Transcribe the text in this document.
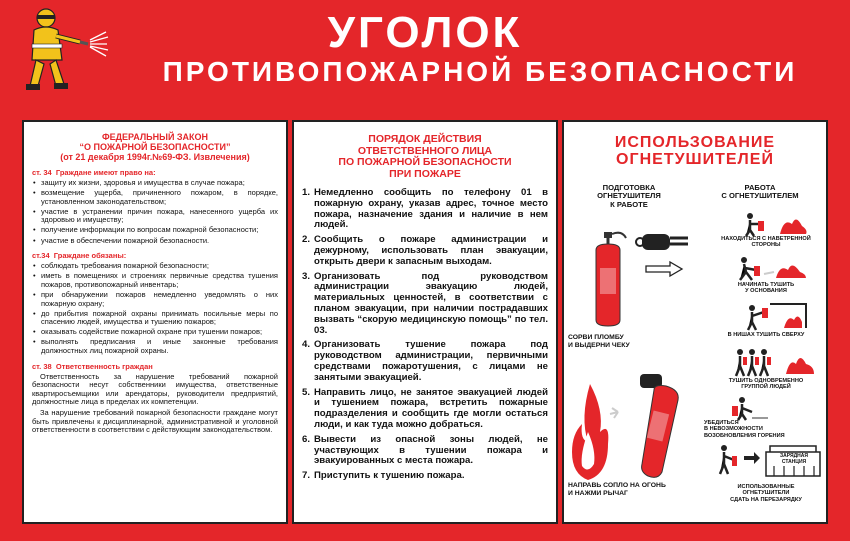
УГОЛОК
ПРОТИВОПОЖАРНОЙ БЕЗОПАСНОСТИ
ФЕДЕРАЛЬНЫЙ ЗАКОН
“О ПОЖАРНОЙ БЕЗОПАСНОСТИ”
(от 21 декабря 1994г.№69-ФЗ. Извлечения)
ст. 34 Граждане имеют право на:
• защиту их жизни, здоровья и имущества в случае пожара;
• возмещение ущерба, причиненного пожаром, в порядке, установленном законодательством;
• участие в устранении причин пожара, нанесенного ущерба их здоровью и имуществу;
• получение информации по вопросам пожарной безопасности;
• участие в обеспечении пожарной безопасности.
ст.34 Граждане обязаны:
• соблюдать требования пожарной безопасности;
• иметь в помещениях и строениях первичные средства тушения пожаров, противопожарный инвентарь;
• при обнаружении пожаров немедленно уведомлять о них пожарную охрану;
• до прибытия пожарной охраны принимать посильные меры по спасению людей, имущества и тушению пожаров;
• оказывать содействие пожарной охране при тушении пожаров;
• выполнять предписания и иные законные требования должностных лиц пожарной охраны.
ст. 38 Ответственность граждан
Ответственность за нарушение требований пожарной безопасности несут собственники имущества, ответственные квартиросъемщики или арендаторы, руководители предприятий, должностные лица в пределах их компетенции.
За нарушение требований пожарной безопасности граждане могут быть привлечены к дисциплинарной, административной и уголовной ответственности в соответствии с действующим законодательством.
ПОРЯДОК ДЕЙСТВИЯ
ОТВЕТСТВЕННОГО ЛИЦА
ПО ПОЖАРНОЙ БЕЗОПАСНОСТИ
ПРИ ПОЖАРЕ
1. Немедленно сообщить по телефону 01 в пожарную охрану, указав адрес, точное место пожара, назначение здания и наличие в нем людей.
2. Сообщить о пожаре администрации и дежурному, использовать план эвакуации, открыть двери к запасным выходам.
3. Организовать под руководством администрации эвакуацию людей, материальных ценностей, в соответствии с планом эвакуации, при наличии пострадавших вызвать “скорую медицинскую помощь” по тел. 03.
4. Организовать тушение пожара под руководством администрации, первичными средствами пожаротушения, с лицами не занятыми эвакуацией.
5. Направить лицо, не занятое эвакуацией людей и тушением пожара, встретить пожарные подразделения и сообщить где могли остаться люди, и как туда можно добраться.
6. Вывести из опасной зоны людей, не участвующих в тушении пожара и эвакуированных с места пожара.
7. Приступить к тушению пожара.
ИСПОЛЬЗОВАНИЕ
ОГНЕТУШИТЕЛЕЙ
ПОДГОТОВКА
ОГНЕТУШИТЕЛЯ
К РАБОТЕ
РАБОТА
С ОГНЕТУШИТЕЛЕМ
СОРВИ ПЛОМБУ
И ВЫДЕРНИ ЧЕКУ
НАПРАВЬ СОПЛО НА ОГОНЬ
И НАЖМИ РЫЧАГ
НАХОДИТЬСЯ С НАВЕТРЕННОЙ
СТОРОНЫ
НАЧИНАТЬ ТУШИТЬ
У ОСНОВАНИЯ
В НИШАХ ТУШИТЬ СВЕРХУ
ТУШИТЬ ОДНОВРЕМЕННО
ГРУППОЙ ЛЮДЕЙ
УБЕДИТЬСЯ
В НЕВОЗМОЖНОСТИ
ВОЗОБНОВЛЕНИЯ ГОРЕНИЯ
ЗАРЯДНАЯ
СТАНЦИЯ
ИСПОЛЬЗОВАННЫЕ
ОГНЕТУШИТЕЛИ
СДАТЬ НА ПЕРЕЗАРЯДКУ
